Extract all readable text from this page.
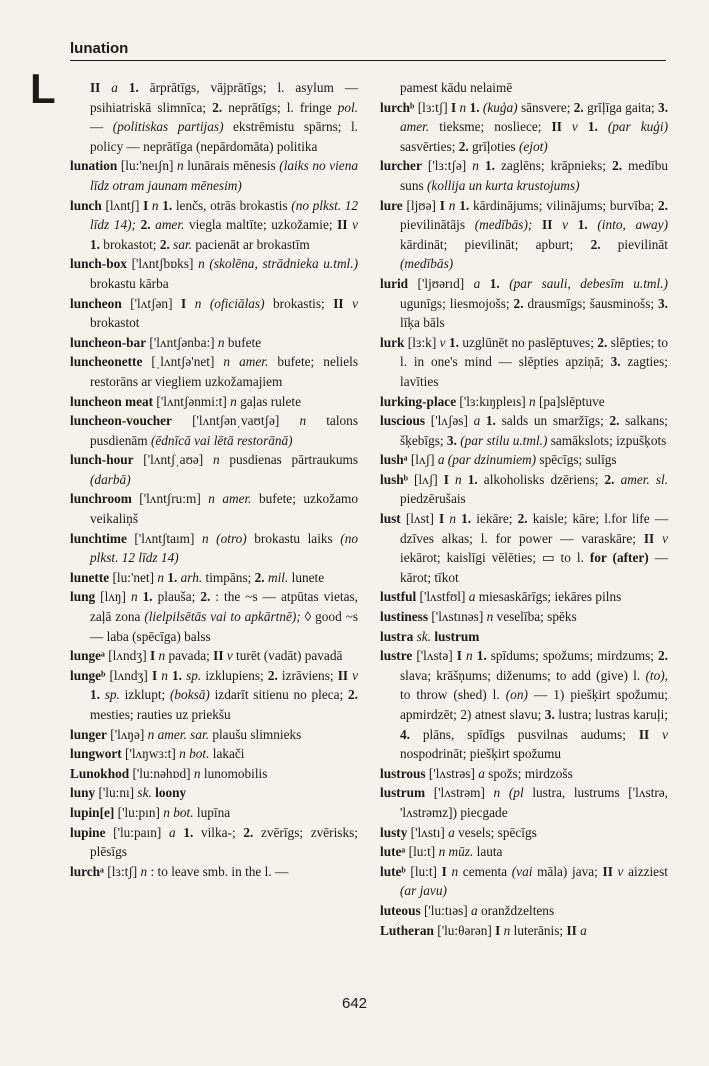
lunation
L	II a 1. ārprātīgs, vājprātīgs; l. asylum — psihiatriskā slimnīca; 2. neprātīgs; l. fringe pol. — (politiskas partijas) ekstrēmistu spārns; l. policy — neprātīga (nepārdomāta) politika

lunation [lu:'neıʃn] n lunārais mēnesis (laiks no viena līdz otram jaunam mēnesim)

lunch [lʌntʃ] I n 1. lenčs, otrās brokastis (no plkst. 12 līdz 14); 2. amer. viegla maltīte; uzkožamie; II v 1. brokastot; 2. sar. pacienāt ar brokastīm

lunch-box ['lʌntʃbɒks] n (skolēna, strādnieka u.tml.) brokastu kārba

luncheon ['lʌtʃən] I n (oficiālas) brokastis; II v brokastot

luncheon-bar ['lʌntʃənba:] n bufete

luncheonette [ˌlʌntʃə'net] n amer. bufete; neliels restorāns ar viegliem uzkožamajiem

luncheon meat ['lʌntʃənmi:t] n gaļas rulete

luncheon-voucher ['lʌntʃənˌvaʊtʃə] n talons pusdienām (ēdnīcā vai lētā restorānā)

lunch-hour ['lʌntʃˌaʊə] n pusdienas pārtraukums (darbā)

lunchroom ['lʌntʃru:m] n amer. bufete; uzkožamo veikaliņš

lunchtime ['lʌntʃtaım] n (otro) brokastu laiks (no plkst. 12 līdz 14)

lunette [lu:'net] n 1. arh. timpāns; 2. mil. lunete

lung [lʌŋ] n 1. plauša; 2. : the ~s — atpūtas vietas, zaļā zona (lielpilsētās vai to apkārtnē); ◊ good ~s — laba (spēcīga) balss

lungeᵃ [lʌndʒ] I n pavada; II v turēt (vadāt) pavadā

lungeᵇ [lʌndʒ] I n 1. sp. izklupiens; 2. izrāviens; II v 1. sp. izklupt; (boksā) izdarīt sitienu no pleca; 2. mesties; rauties uz priekšu

lunger ['lʌŋə] n amer. sar. plaušu slimnieks

lungwort ['lʌŋwɜ:t] n bot. lakači

Lunokhod ['lu:nəhɒd] n lunomobilis

luny ['lu:nı] sk. loony

lupin[e] ['lu:pın] n bot. lupīna

lupine ['lu:paın] a 1. vilka-; 2. zvērīgs; zvērisks; plēsīgs

lurchᵃ [lɜ:tʃ] n : to leave smb. in the l. —

pamest kādu nelaimē

lurchᵇ [lɜ:tʃ] I n 1. (kuģa) sānsvere; 2. grīļīga gaita; 3. amer. tieksme; nosliece; II v 1. (par kuģi) sasvērties; 2. grīļoties (ejot)

lurcher ['lɜ:tʃə] n 1. zaglēns; krāpnieks; 2. medību suns (kollija un kurta krustojums)

lure [ljʊə] I n 1. kārdinājums; vilinājums; burvība; 2. pievilinātājs (medībās); II v 1. (into, away) kārdināt; pievilināt; apburt; 2. pievilināt (medībās)

lurid ['ljʊərıd] a 1. (par sauli, debesīm u.tml.) ugunīgs; liesmojošs; 2. drausmīgs; šausminošs; 3. līķa bāls

lurk [lɜ:k] v 1. uzglūnēt no paslēptuves; 2. slēpties; to l. in one's mind — slēpties apziņā; 3. zagties; lavīties

lurking-place ['lɜ:kıŋpleıs] n [pa]slēptuve

luscious ['lʌʃəs] a 1. salds un smaržīgs; 2. salkans; šķebīgs; 3. (par stilu u.tml.) samākslots; izpušķots

lushᵃ [lʌʃ] a (par dzinumiem) spēcīgs; sulīgs

lushᵇ [lʌʃ] I n 1. alkoholisks dzēriens; 2. amer. sl. piedzērušais

lust [lʌst] I n 1. iekāre; 2. kaisle; kāre; l.for life — dzīves alkas; l. for power — varaskāre; II v iekārot; kaislīgi vēlēties; ▭ to l. for (after) — kārot; tīkot

lustful ['lʌstfʊl] a miesaskārīgs; iekāres pilns

lustiness ['lʌstınəs] n veselība; spēks

lustra sk. lustrum

lustre ['lʌstə] I n 1. spīdums; spožums; mirdzums; 2. slava; krāšņums; diženums; to add (give) l. (to), to throw (shed) l. (on) — 1) piešķirt spožumu; apmirdzēt; 2) atnest slavu; 3. lustra; lustras karuļi; 4. plāns, spīdīgs pusvilnas audums; II v nospodrināt; piešķirt spožumu

lustrous ['lʌstrəs] a spožs; mirdzošs

lustrum ['lʌstrəm] n (pl lustra, lustrums ['lʌstrə, 'lʌstrəmz]) piecgade

lusty ['lʌstı] a vesels; spēcīgs

luteᵃ [lu:t] n mūz. lauta

luteᵇ [lu:t] I n cementa (vai māla) java; II v aizziest (ar javu)

luteous ['lu:tıəs] a oranždzeltens

Lutheran ['lu:θərən] I n luterānis; II a

642
